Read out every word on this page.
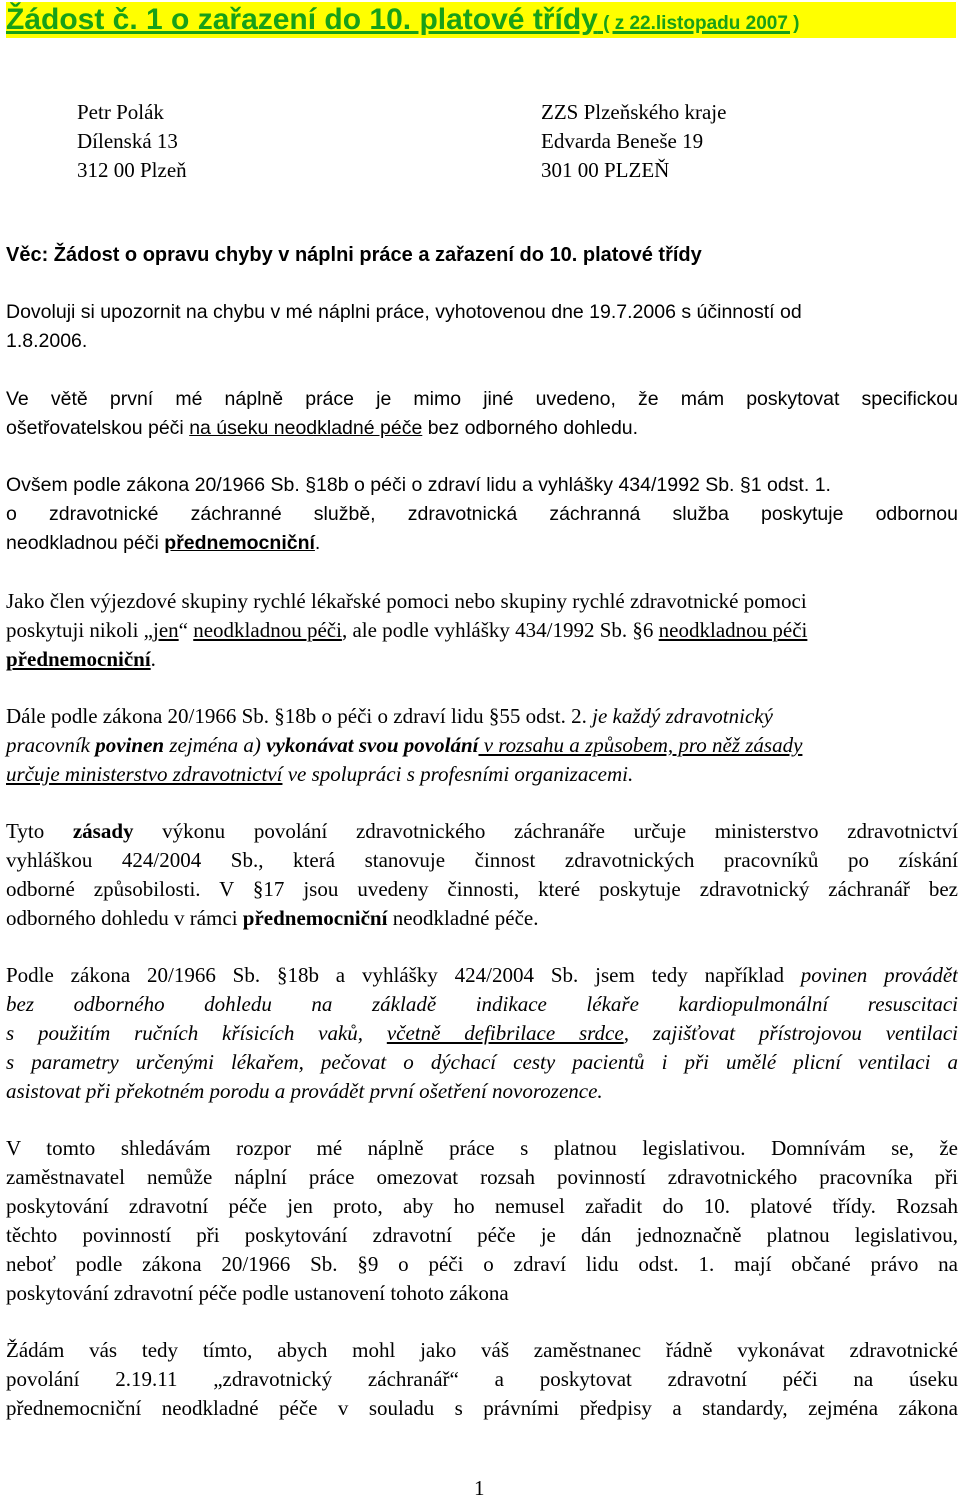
Žádost č. 1 o zařazení do 10. platové třídy ( z 22.listopadu 2007 )
Petr Polák
Dílenská 13
312 00 Plzeň
ZZS Plzeňského kraje
Edvarda Beneše 19
301 00 PLZEŇ
Věc: Žádost o opravu chyby v náplni práce a zařazení do 10. platové třídy
Dovoluji si upozornit na chybu v mé náplni práce, vyhotovenou dne 19.7.2006 s účinností od
1.8.2006.
Ve větě první mé náplně práce je mimo jiné uvedeno, že mám poskytovat specifickou
ošetřovatelskou péči na úseku neodkladné péče bez odborného dohledu.
Ovšem podle zákona 20/1966 Sb. §18b o péči o zdraví lidu a vyhlášky 434/1992 Sb. §1 odst. 1.
o zdravotnické záchranné službě, zdravotnická záchranná služba poskytuje odbornou
neodkladnou péči přednemocniční.
Jako člen výjezdové skupiny rychlé lékařské pomoci nebo skupiny rychlé zdravotnické pomoci
poskytuji nikoli „jen“ neodkladnou péči, ale podle vyhlášky 434/1992 Sb. §6 neodkladnou péči
přednemocniční.
Dále podle zákona 20/1966 Sb. §18b o péči o zdraví lidu §55 odst. 2. je každý zdravotnický
pracovník povinen zejména a) vykonávat svou povolání v rozsahu a způsobem, pro něž zásady
určuje ministerstvo zdravotnictví ve spolupráci s profesními organizacemi.
Tyto zásady výkonu povolání zdravotnického záchranáře určuje ministerstvo zdravotnictví
vyhláškou 424/2004 Sb., která stanovuje činnost zdravotnických pracovníků po získání
odborné způsobilosti. V §17 jsou uvedeny činnosti, které poskytuje zdravotnický záchranář bez
odborného dohledu v rámci přednemocniční neodkladné péče.
Podle zákona 20/1966 Sb. §18b a vyhlášky 424/2004 Sb. jsem tedy například povinen provádět
bez odborného dohledu na základě indikace lékaře kardiopulmonální resuscitaci
s použitím ručních křísicích vaků, včetně defibrilace srdce, zajišťovat přístrojovou ventilaci
s parametry určenými lékařem, pečovat o dýchací cesty pacientů i při umělé plicní ventilaci a
asistovat při překotném porodu a provádět první ošetření novorozence.
V tomto shledávám rozpor mé náplně práce s platnou legislativou. Domnívám se, že
zaměstnavatel nemůže náplní práce omezovat rozsah povinností zdravotnického pracovníka při
poskytování zdravotní péče jen proto, aby ho nemusel zařadit do 10. platové třídy. Rozsah
těchto povinností při poskytování zdravotní péče je dán jednoznačně platnou legislativou,
neboť podle zákona 20/1966 Sb. §9 o péči o zdraví lidu odst. 1. mají občané právo na
poskytování zdravotní péče podle ustanovení tohoto zákona
Žádám vás tedy tímto, abych mohl jako váš zaměstnanec řádně vykonávat zdravotnické
povolání 2.19.11 „zdravotnický záchranář“ a poskytovat zdravotní péči na úseku
přednemocniční neodkladné péče v souladu s právními předpisy a standardy, zejména zákona
1
